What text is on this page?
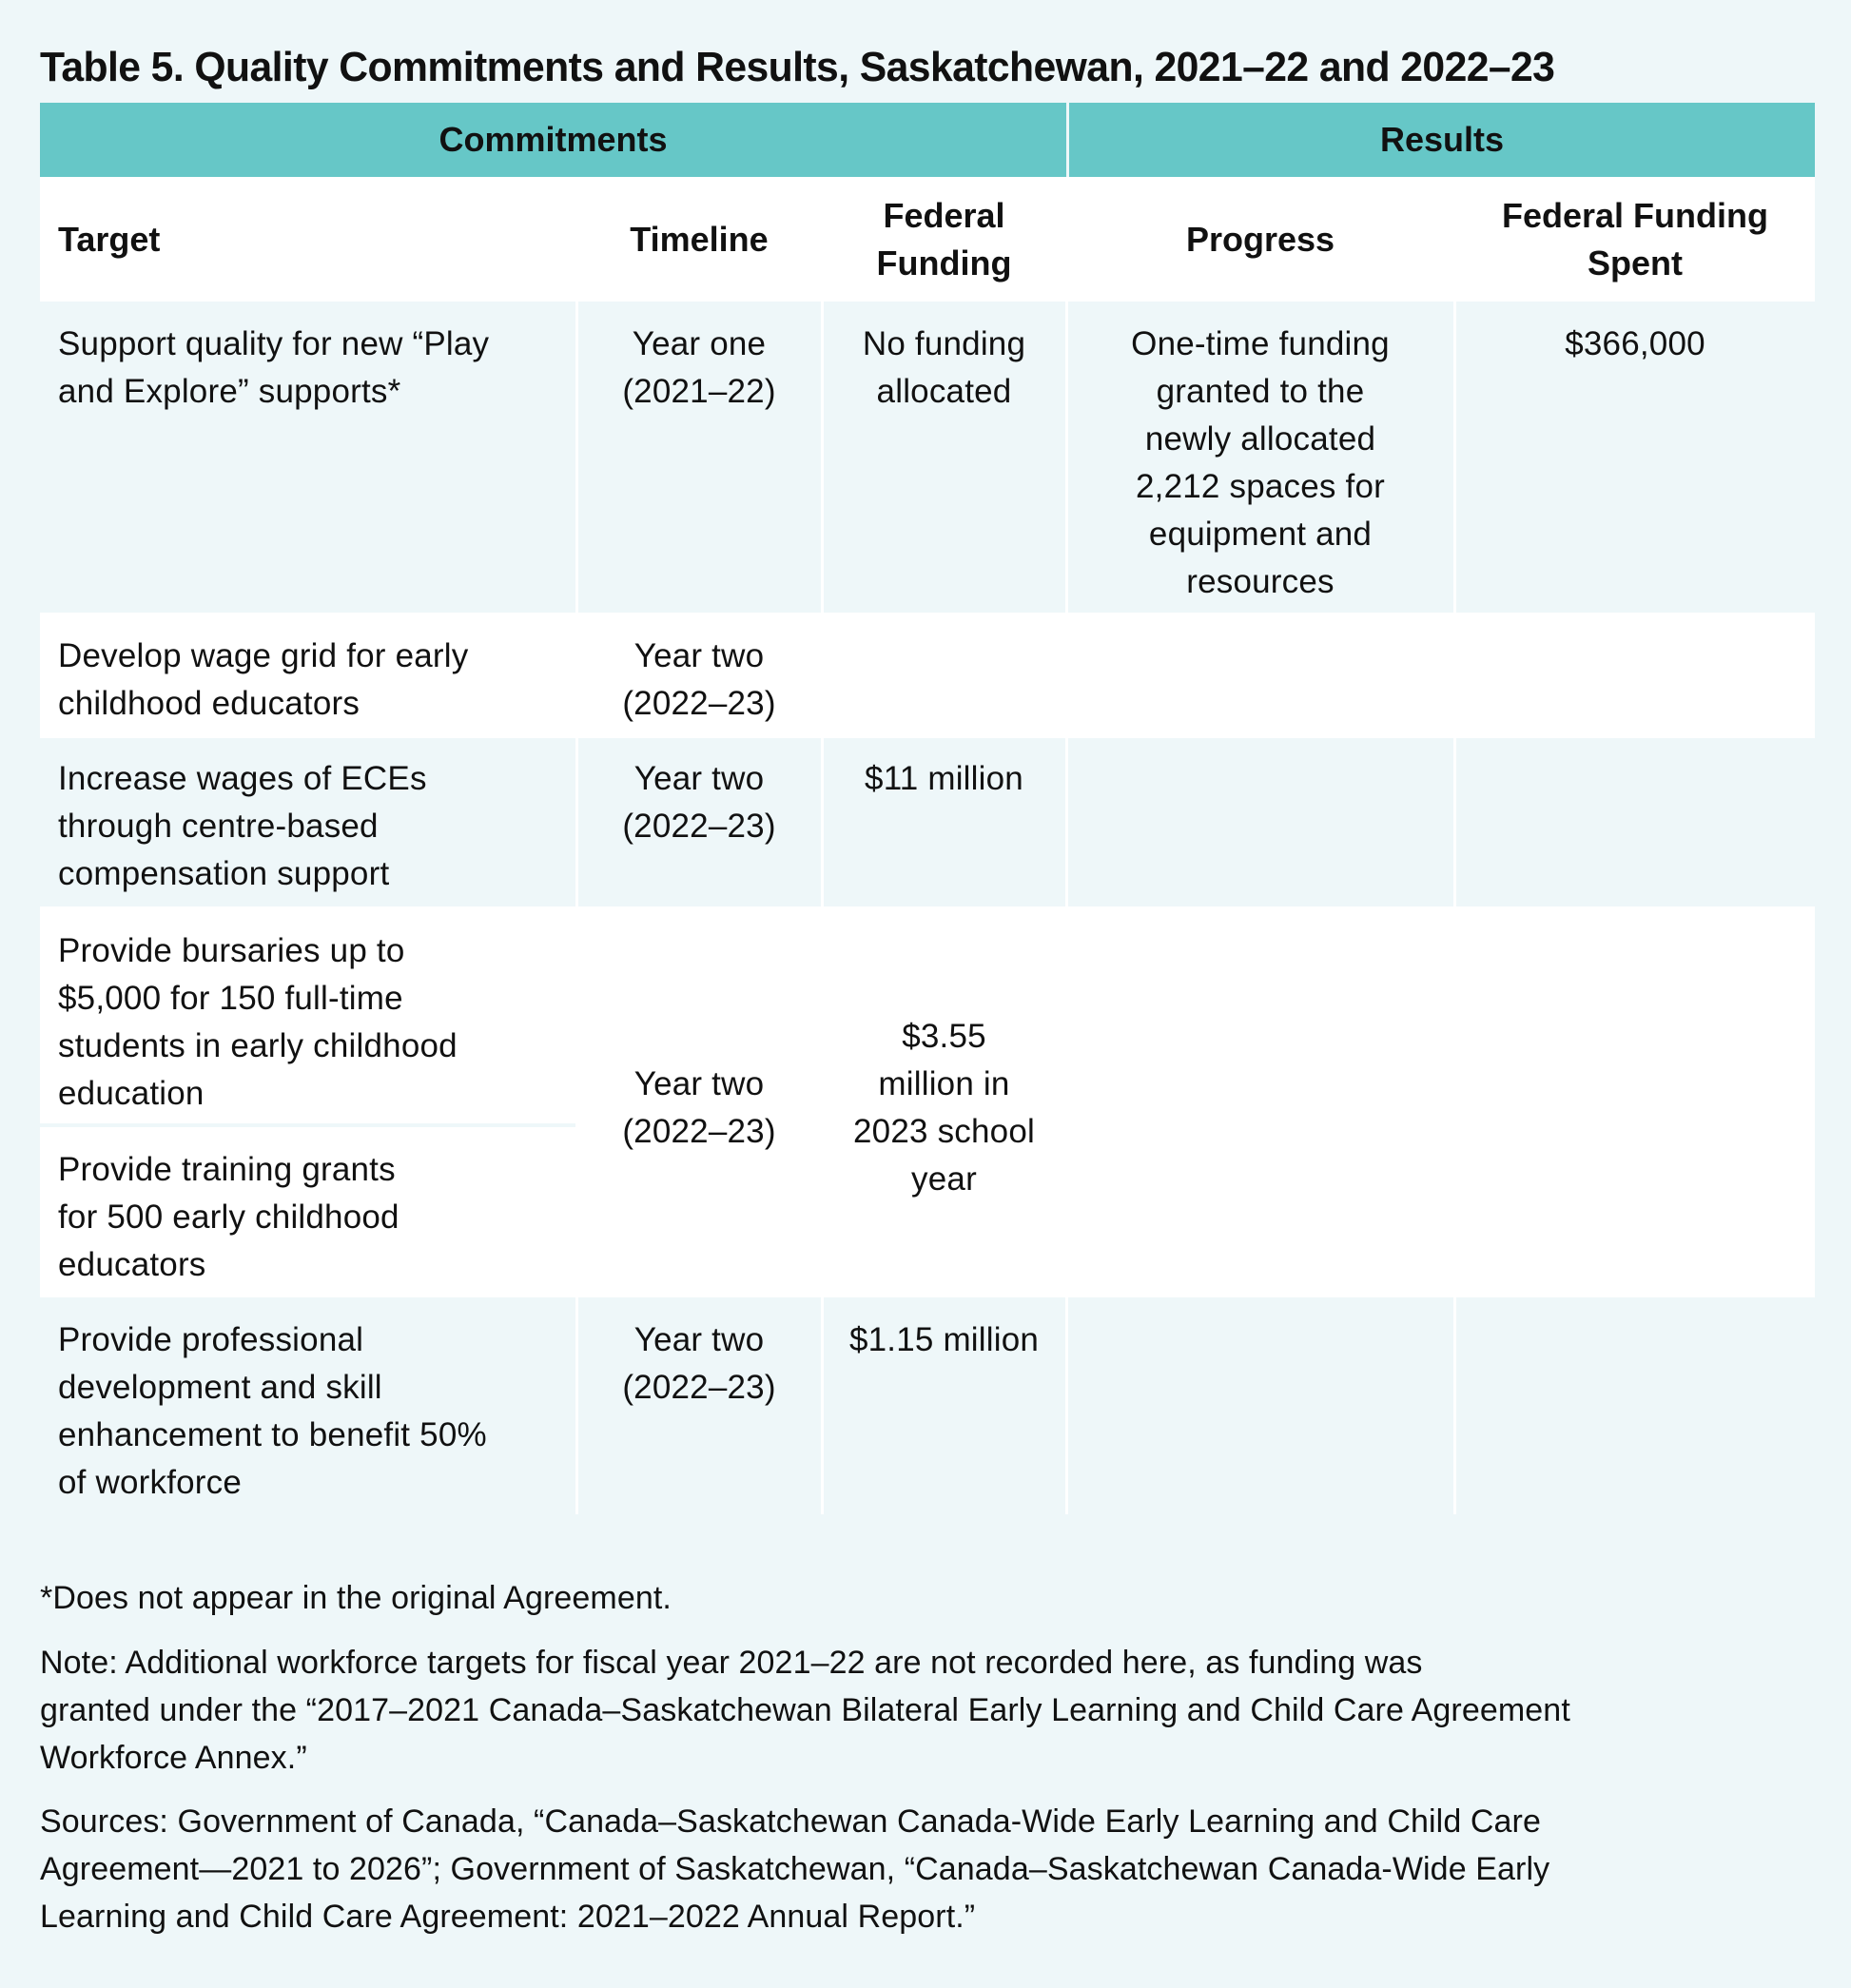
Table 5. Quality Commitments and Results, Saskatchewan, 2021–22 and 2022–23
Commitments	Results
Target	Timeline
Federal
Funding
Progress
Federal Funding
Spent
Support quality for new “Play
and Explore” supports*
Year one
(2021–22)
No funding
allocated
One-time funding
granted to the
newly allocated
2,212 spaces for
equipment and
resources
$366,000
Develop wage grid for early
childhood educators
Year two
(2022–23)
Increase wages of ECEs
through centre-based
compensation support
Year two
(2022–23)
$11 million
Provide bursaries up to
$5,000 for 150 full-time
students in early childhood
education
Provide training grants
for 500 early childhood
educators
Year two
(2022–23)
$3.55
million in
2023 school
year
Provide professional
development and skill
enhancement to benefit 50%
of workforce
Year two
(2022–23)
$1.15 million
*Does not appear in the original Agreement.
Note: Additional workforce targets for fiscal year 2021–22 are not recorded here, as funding was
granted under the “2017–2021 Canada–Saskatchewan Bilateral Early Learning and Child Care Agreement
Workforce Annex.”
Sources: Government of Canada, “Canada–Saskatchewan Canada-Wide Early Learning and Child Care
Agreement—2021 to 2026”; Government of Saskatchewan, “Canada–Saskatchewan Canada-Wide Early
Learning and Child Care Agreement: 2021–2022 Annual Report.”
